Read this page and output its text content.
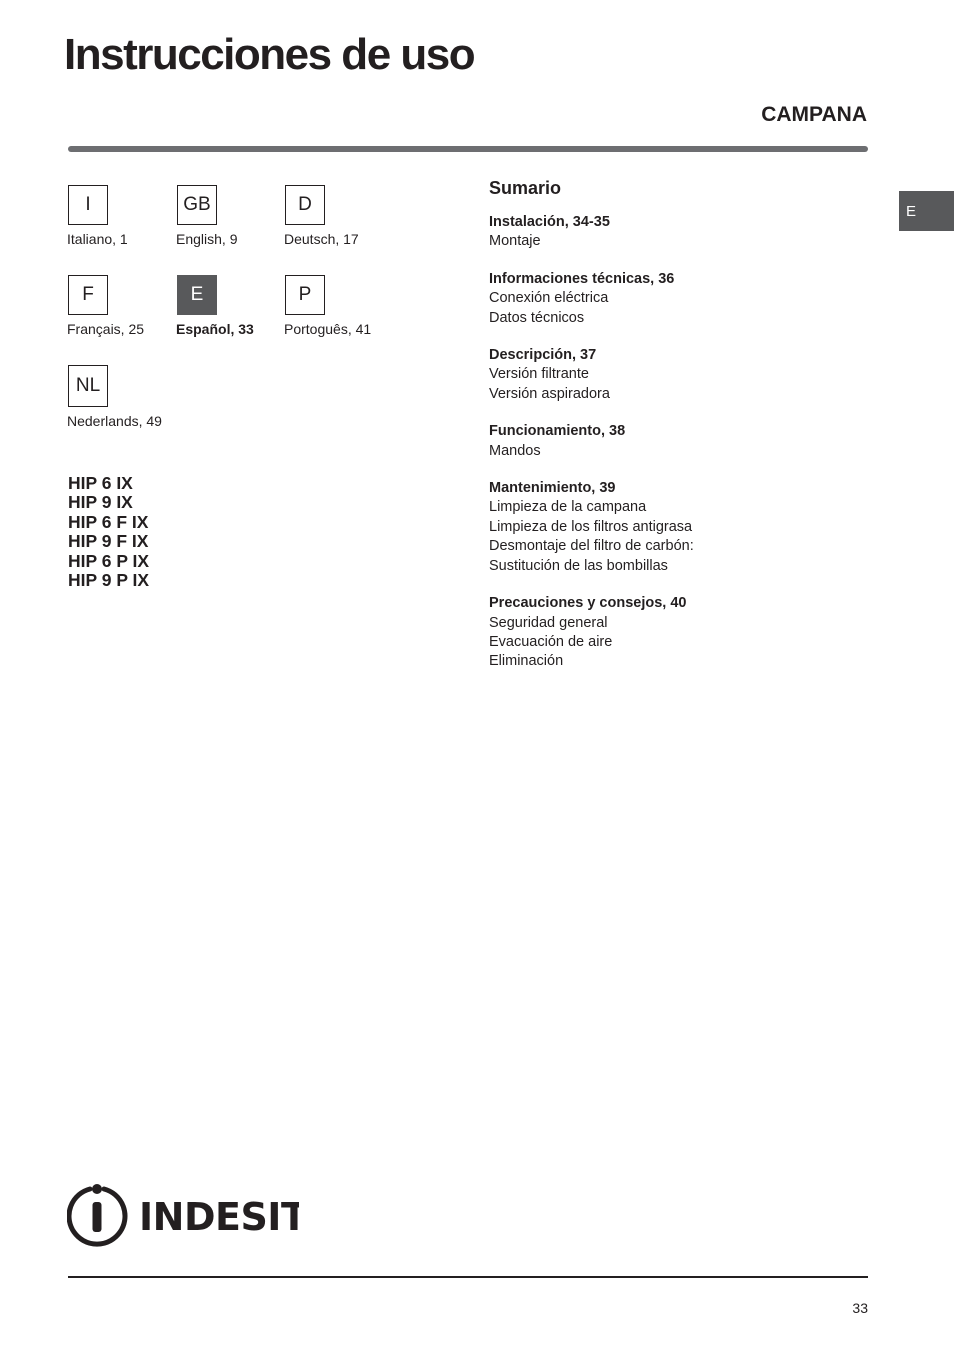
Instrucciones de uso
CAMPANA
E
I
Italiano, 1
GB
English, 9
D
Deutsch, 17
F
Français, 25
E
Español, 33
P
Portoguês, 41
NL
Nederlands, 49
HIP 6 IX
HIP 9 IX
HIP 6 F IX
HIP 9 F IX
HIP 6 P IX
HIP 9 P IX
Sumario
Instalación, 34-35
Montaje
Informaciones técnicas, 36
Conexión eléctrica
Datos técnicos
Descripción, 37
Versión filtrante
Versión aspiradora
Funcionamiento, 38
Mandos
Mantenimiento, 39
Limpieza de la campana
Limpieza de los filtros antigrasa
Desmontaje del filtro de carbón:
Sustitución de las bombillas
Precauciones y consejos, 40
Seguridad general
Evacuación de aire
Eliminación
INDESIT
33
